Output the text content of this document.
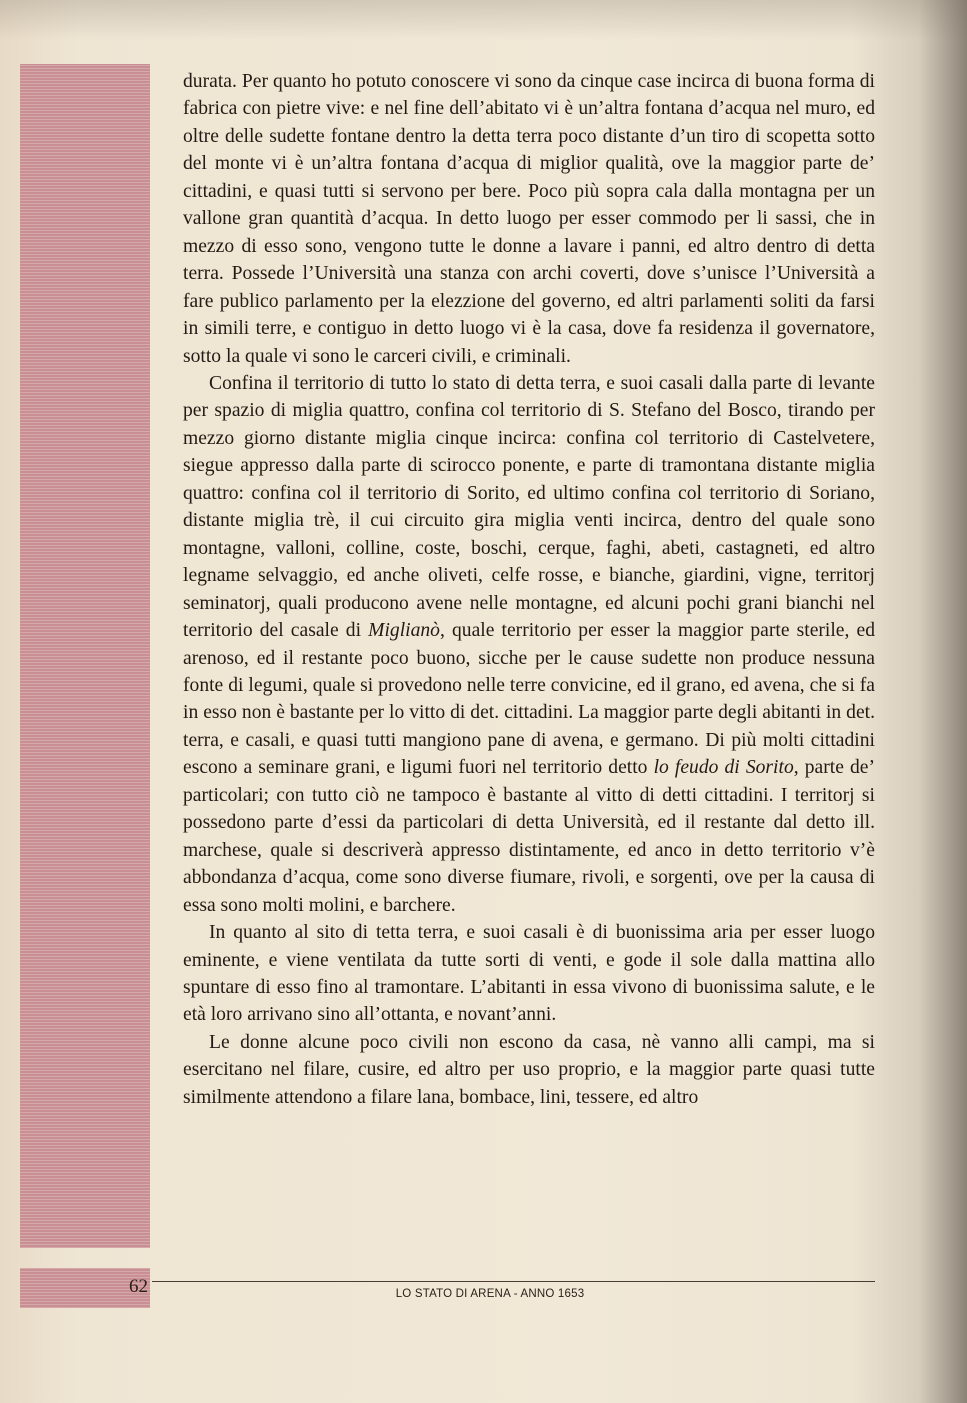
durata. Per quanto ho potuto conoscere vi sono da cinque case incirca di buona forma di fabrica con pietre vive: e nel fine dell’abitato vi è un’altra fontana d’acqua nel muro, ed oltre delle sudette fontane dentro la detta terra poco distante d’un tiro di scopetta sotto del monte vi è un’altra fontana d’acqua di miglior qualità, ove la maggior parte de’ cittadini, e quasi tutti si servono per bere. Poco più sopra cala dalla montagna per un vallone gran quantità d’acqua. In detto luogo per esser commodo per li sassi, che in mezzo di esso sono, vengono tutte le donne a lavare i panni, ed altro dentro di detta terra. Possede l’Università una stanza con archi coverti, dove s’unisce l’Università a fare publico parlamento per la elezzione del governo, ed altri parlamenti soliti da farsi in simili terre, e contiguo in detto luogo vi è la casa, dove fa residenza il governatore, sotto la quale vi sono le carceri civili, e criminali.

Confina il territorio di tutto lo stato di detta terra, e suoi casali dalla parte di levante per spazio di miglia quattro, confina col territorio di S. Stefano del Bosco, tirando per mezzo giorno distante miglia cinque incirca: confina col territorio di Castelvetere, siegue appresso dalla parte di scirocco ponente, e parte di tramontana distante miglia quattro: confina col il territorio di Sorito, ed ultimo confina col territorio di Soriano, distante miglia trè, il cui circuito gira miglia venti incirca, dentro del quale sono montagne, valloni, colline, coste, boschi, cerque, faghi, abeti, castagneti, ed altro legname selvaggio, ed anche oliveti, celfe rosse, e bianche, giardini, vigne, territorj seminatorj, quali producono avene nelle montagne, ed alcuni pochi grani bianchi nel territorio del casale di Miglianò, quale territorio per esser la maggior parte sterile, ed arenoso, ed il restante poco buono, sicche per le cause sudette non produce nessuna fonte di legumi, quale si provedono nelle terre convicine, ed il grano, ed avena, che si fa in esso non è bastante per lo vitto di det. cittadini. La maggior parte degli abitanti in det. terra, e casali, e quasi tutti mangiono pane di avena, e germano. Di più molti cittadini escono a seminare grani, e ligumi fuori nel territorio detto lo feudo di Sorito, parte de’ particolari; con tutto ciò ne tampoco è bastante al vitto di detti cittadini. I territorj si possedono parte d’essi da particolari di detta Università, ed il restante dal detto ill. marchese, quale si descriverà appresso distintamente, ed anco in detto territorio v’è abbondanza d’acqua, come sono diverse fiumare, rivoli, e sorgenti, ove per la causa di essa sono molti molini, e barchere.

In quanto al sito di tetta terra, e suoi casali è di buonissima aria per esser luogo eminente, e viene ventilata da tutte sorti di venti, e gode il sole dalla mattina allo spuntare di esso fino al tramontare. L’abitanti in essa vivono di buonissima salute, e le età loro arrivano sino all’ottanta, e novant’anni.

Le donne alcune poco civili non escono da casa, nè vanno alli campi, ma si esercitano nel filare, cusire, ed altro per uso proprio, e la maggior parte quasi tutte similmente attendono a filare lana, bombace, lini, tessere, ed altro

62	LO STATO DI ARENA - ANNO 1653
